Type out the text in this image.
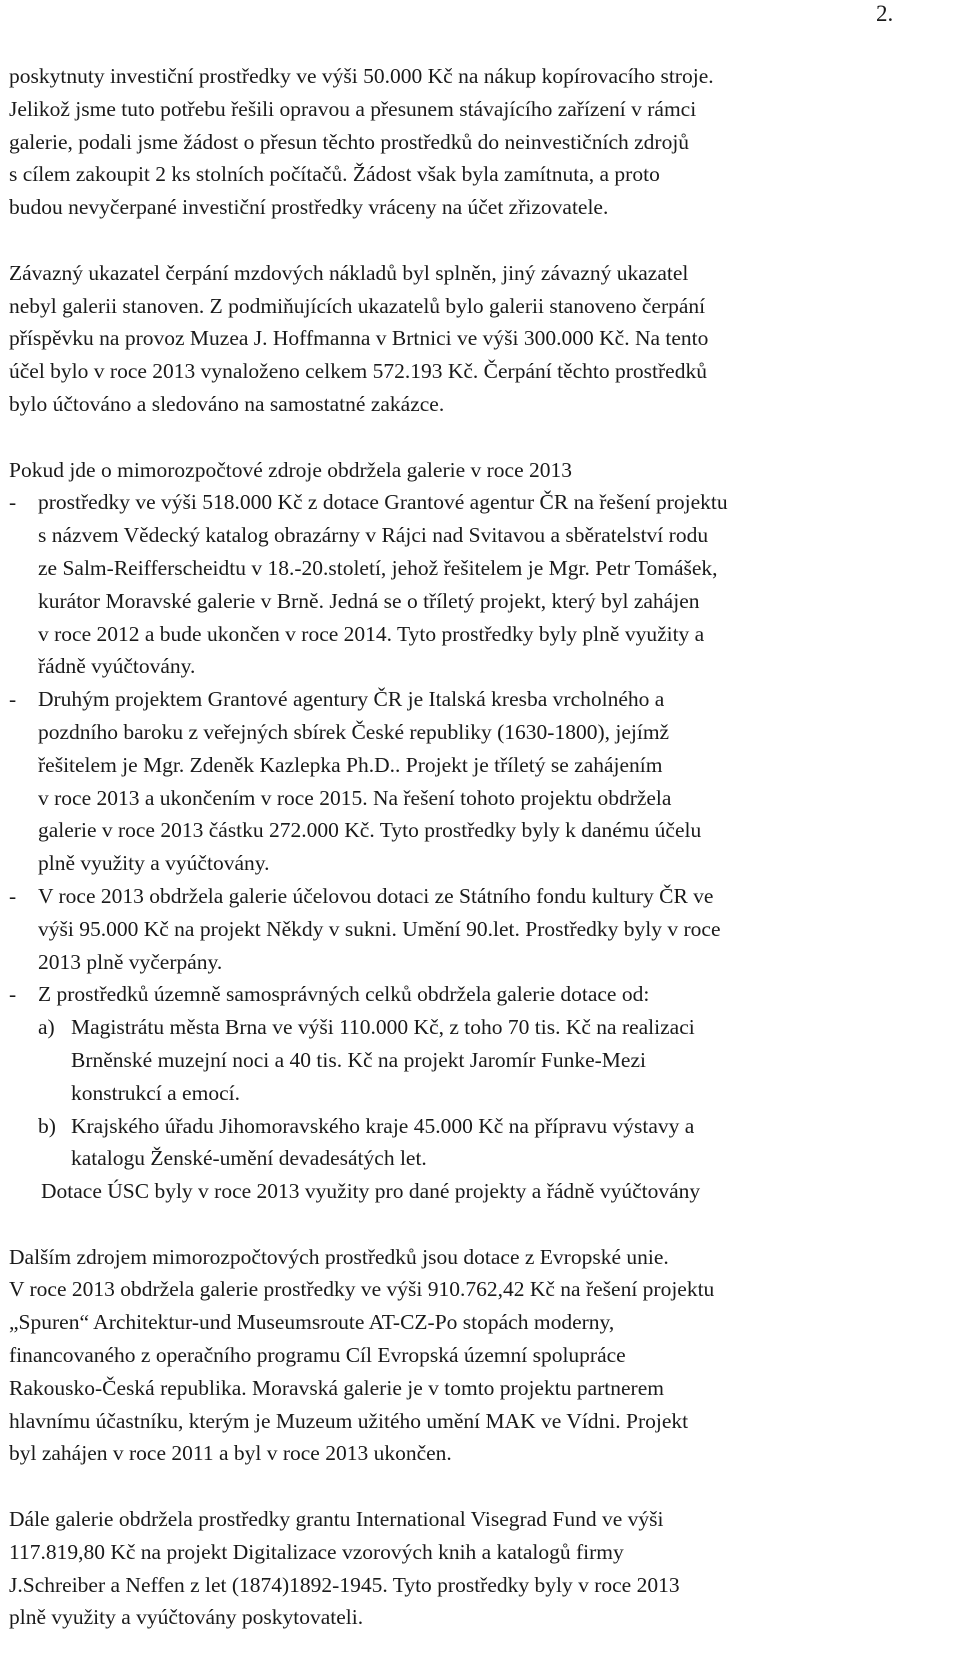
2.
poskytnuty investiční prostředky ve výši 50.000 Kč na nákup kopírovacího stroje.
Jelikož jsme tuto potřebu řešili opravou a přesunem stávajícího zařízení v rámci
galerie, podali jsme žádost o přesun těchto prostředků do neinvestičních zdrojů
s cílem zakoupit 2 ks stolních počítačů. Žádost však byla zamítnuta, a proto
budou nevyčerpané investiční prostředky vráceny na účet zřizovatele.
Závazný ukazatel čerpání mzdových nákladů byl splněn, jiný závazný ukazatel
nebyl galerii stanoven. Z podmiňujících ukazatelů bylo galerii stanoveno čerpání
příspěvku na provoz Muzea J. Hoffmanna v Brtnici ve výši 300.000 Kč. Na tento
účel bylo v roce 2013 vynaloženo celkem 572.193 Kč. Čerpání těchto prostředků
bylo účtováno a sledováno na samostatné zakázce.
Pokud jde o mimorozpočtové zdroje obdržela galerie v roce 2013
- prostředky ve výši 518.000 Kč z dotace Grantové agentur ČR na řešení projektu
s názvem Vědecký katalog obrazárny v Rájci nad Svitavou a sběratelství rodu
ze Salm-Reifferscheidtu v 18.-20.století, jehož řešitelem je Mgr. Petr Tomášek,
kurátor Moravské galerie v Brně. Jedná se o tříletý projekt, který byl zahájen
v roce 2012 a bude ukončen v roce 2014. Tyto prostředky byly plně využity a
řádně vyúčtovány.
- Druhým projektem Grantové agentury ČR je Italská kresba vrcholného a
pozdního baroku z veřejných sbírek České republiky (1630-1800), jejímž
řešitelem je Mgr. Zdeněk Kazlepka Ph.D.. Projekt je tříletý se zahájením
v roce 2013 a ukončením v roce 2015. Na řešení tohoto projektu obdržela
galerie v roce 2013 částku 272.000 Kč. Tyto prostředky byly k danému účelu
plně využity a vyúčtovány.
- V roce 2013 obdržela galerie účelovou dotaci ze Státního fondu kultury ČR ve
výši 95.000 Kč na projekt Někdy v sukni. Umění 90.let. Prostředky byly v roce
2013 plně vyčerpány.
- Z prostředků územně samosprávných celků obdržela galerie dotace od:
a) Magistrátu města Brna ve výši 110.000 Kč, z toho 70 tis. Kč na realizaci
Brněnské muzejní noci a 40 tis. Kč na projekt Jaromír Funke-Mezi
konstrukcí a emocí.
b) Krajského úřadu Jihomoravského kraje 45.000 Kč na přípravu výstavy a
katalogu Ženské-umění devadesátých let.
Dotace ÚSC byly v roce 2013 využity pro dané projekty a řádně vyúčtovány
Dalším zdrojem mimorozpočtových prostředků jsou dotace z Evropské unie.
V roce 2013 obdržela galerie prostředky ve výši 910.762,42 Kč na řešení projektu
„Spuren“ Architektur-und Museumsroute AT-CZ-Po stopách moderny,
financovaného z operačního programu Cíl Evropská územní spolupráce
Rakousko-Česká republika. Moravská galerie je v tomto projektu partnerem
hlavnímu účastníku, kterým je Muzeum užitého umění MAK ve Vídni. Projekt
byl zahájen v roce 2011 a byl v roce 2013 ukončen.
Dále galerie obdržela prostředky grantu International Visegrad Fund ve výši
117.819,80 Kč na projekt Digitalizace vzorových knih a katalogů firmy
J.Schreiber a Neffen z let (1874)1892-1945. Tyto prostředky byly v roce 2013
plně využity a vyúčtovány poskytovateli.
